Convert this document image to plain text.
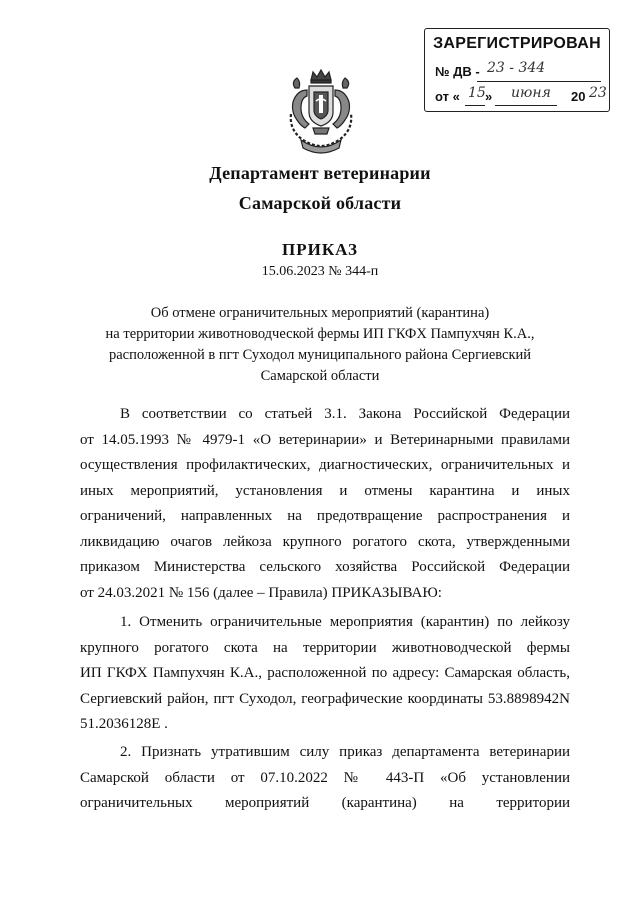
ЗАРЕГИСТРИРОВАН
№ ДВ - 23 - 344
от « 15 » июня 20 23
Департамент ветеринарии
Самарской области
ПРИКАЗ
15.06.2023 № 344-п
Об отмене ограничительных мероприятий (карантина)
на территории животноводческой фермы ИП ГКФХ Пампухчян К.А.,
расположенной в пгт Суходол муниципального района Сергиевский
Самарской области
В соответствии со статьей 3.1. Закона Российской Федерации
от 14.05.1993 № 4979-1 «О ветеринарии» и Ветеринарными правилами
осуществления профилактических, диагностических, ограничительных и
иных мероприятий, установления и отмены карантина и иных
ограничений, направленных на предотвращение распространения и
ликвидацию очагов лейкоза крупного рогатого скота, утвержденными
приказом Министерства сельского хозяйства Российской Федерации
от 24.03.2021 № 156 (далее – Правила) ПРИКАЗЫВАЮ:
1. Отменить ограничительные мероприятия (карантин) по лейкозу
крупного рогатого скота на территории животноводческой фермы
ИП ГКФХ Пампухчян К.А., расположенной по адресу: Самарская область,
Сергиевский район, пгт Суходол, географические координаты 53.8898942N
51.2036128Е .
2. Признать утратившим силу приказ департамента ветеринарии
Самарской области от 07.10.2022 № 443-П «Об установлении
ограничительных мероприятий (карантина) на территории
